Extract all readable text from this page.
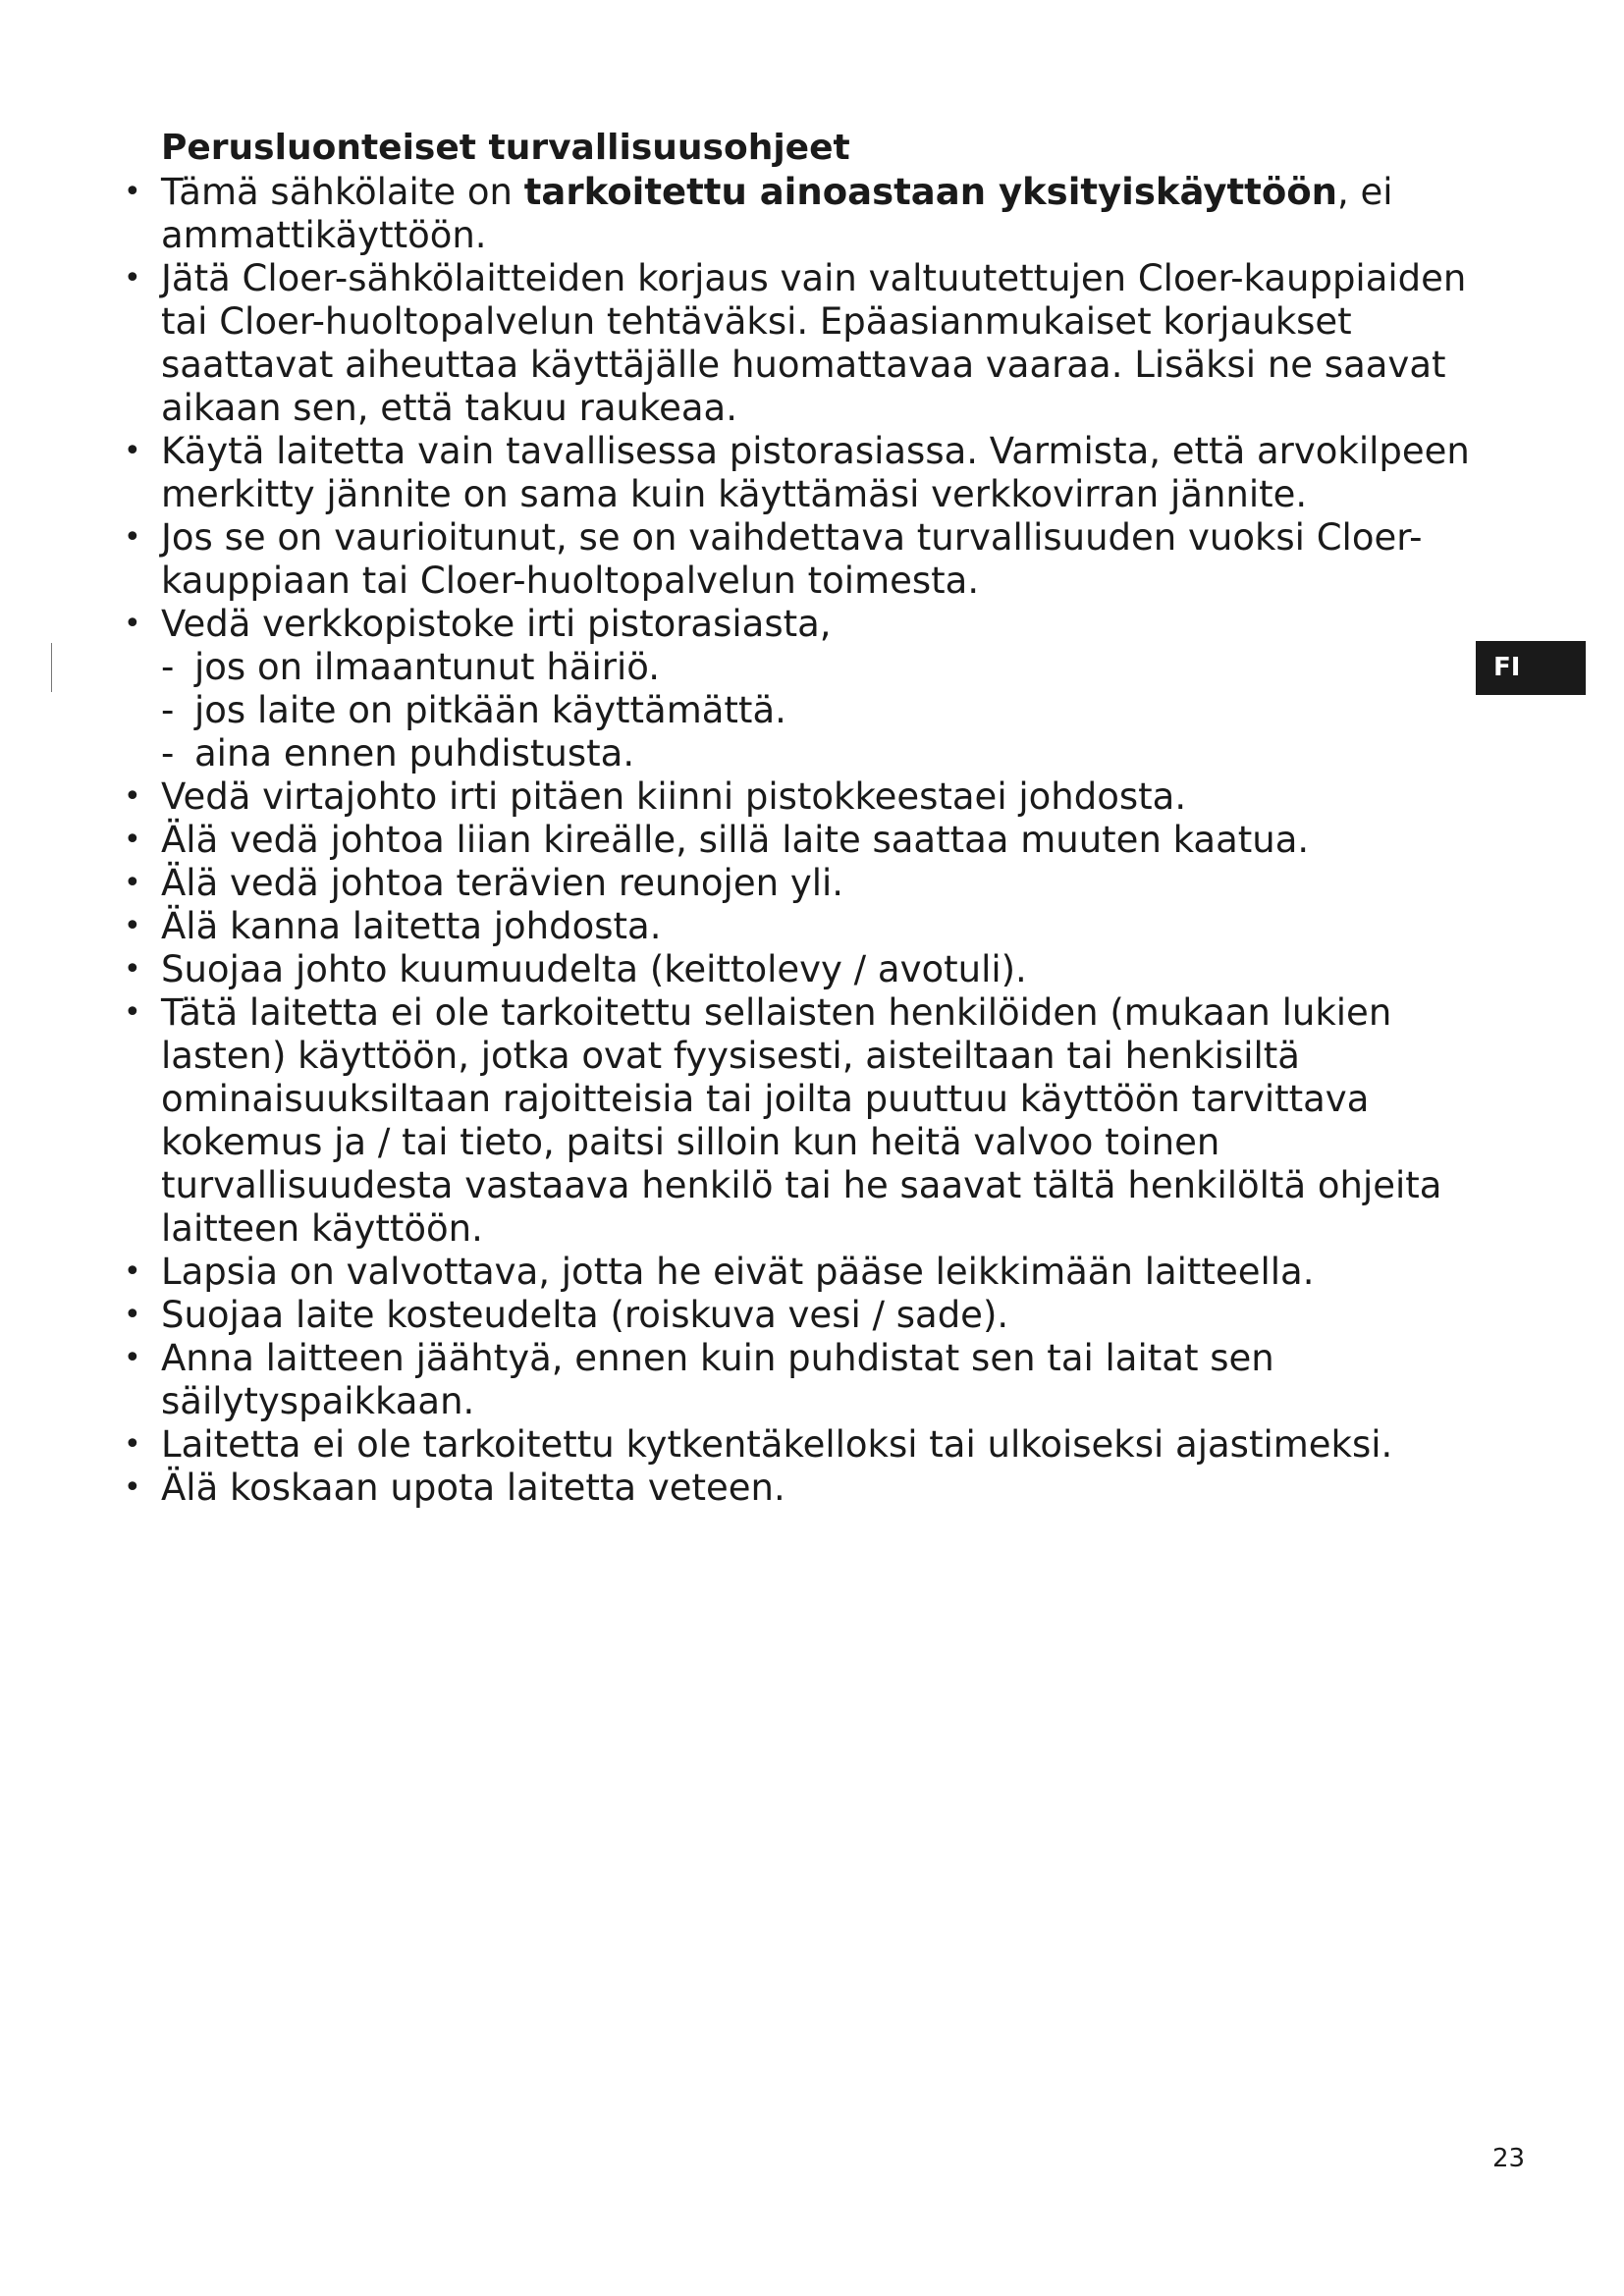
Perusluonteiset turvallisuusohjeet
• Tämä sähkölaite on tarkoitettu ainoastaan yksityiskäyttöön, ei ammattikäyttöön.
• Jätä Cloer-sähkölaitteiden korjaus vain valtuutettujen Cloer-kauppiaiden tai Cloer-huoltopalvelun tehtäväksi. Epäasianmukaiset korjaukset saattavat aiheuttaa käyttäjälle huomattavaa vaaraa. Lisäksi ne saavat aikaan sen, että takuu raukeaa.
• Käytä laitetta vain tavallisessa pistorasiassa. Varmista, että arvokilpeen merkitty jännite on sama kuin käyttämäsi verkkovirran jännite.
• Jos se on vaurioitunut, se on vaihdettava turvallisuuden vuoksi Cloer-kauppiaan tai Cloer-huoltopalvelun toimesta.
• Vedä verkkopistoke irti pistorasiasta,
- jos on ilmaantunut häiriö.
- jos laite on pitkään käyttämättä.
- aina ennen puhdistusta.
• Vedä virtajohto irti pitäen kiinni pistokkeestaei johdosta.
• Älä vedä johtoa liian kireälle, sillä laite saattaa muuten kaatua.
• Älä vedä johtoa terävien reunojen yli.
• Älä kanna laitetta johdosta.
• Suojaa johto kuumuudelta (keittolevy / avotuli).
• Tätä laitetta ei ole tarkoitettu sellaisten henkilöiden (mukaan lukien lasten) käyttöön, jotka ovat fyysisesti, aisteiltaan tai henkisiltä ominaisuuksiltaan rajoitteisia tai joilta puuttuu käyttöön tarvittava kokemus ja / tai tieto, paitsi silloin kun heitä valvoo toinen turvallisuudesta vastaava henkilö tai he saavat tältä henkilöltä ohjeita laitteen käyttöön.
• Lapsia on valvottava, jotta he eivät pääse leikkimään laitteella.
• Suojaa laite kosteudelta (roiskuva vesi / sade).
• Anna laitteen jäähtyä, ennen kuin puhdistat sen tai laitat sen säilytyspaikkaan.
• Laitetta ei ole tarkoitettu kytkentäkelloksi tai ulkoiseksi ajastimeksi.
• Älä koskaan upota laitetta veteen.
FI
23
